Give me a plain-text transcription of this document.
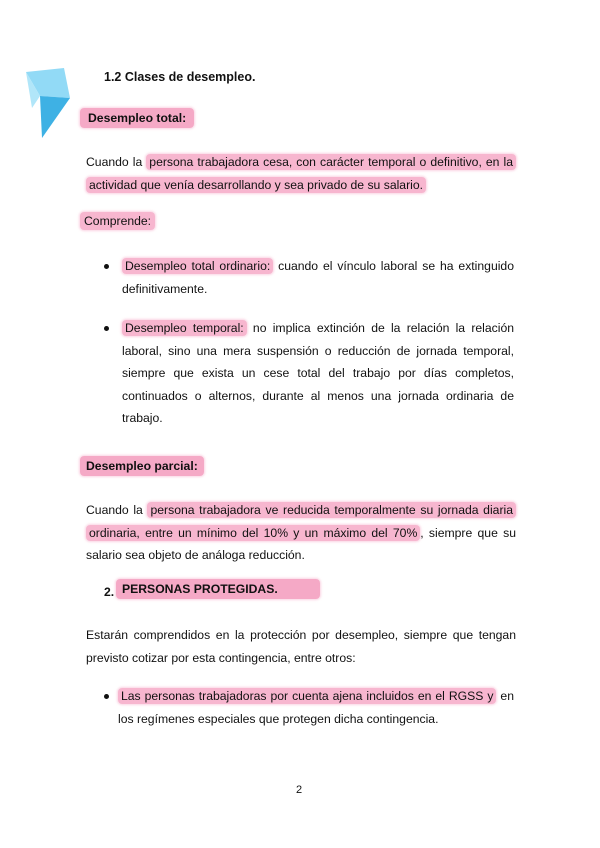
1.2 Clases de desempleo.
Desempleo total:
Cuando la persona trabajadora cesa, con carácter temporal o definitivo, en la actividad que venía desarrollando y sea privado de su salario.
Comprende:
Desempleo total ordinario: cuando el vínculo laboral se ha extinguido definitivamente.
Desempleo temporal: no implica extinción de la relación la relación laboral, sino una mera suspensión o reducción de jornada temporal, siempre que exista un cese total del trabajo por días completos, continuados o alternos, durante al menos una jornada ordinaria de trabajo.
Desempleo parcial:
Cuando la persona trabajadora ve reducida temporalmente su jornada diaria ordinaria, entre un mínimo del 10% y un máximo del 70% , siempre que su salario sea objeto de análoga reducción.
2. PERSONAS PROTEGIDAS.
Estarán comprendidos en la protección por desempleo, siempre que tengan previsto cotizar por esta contingencia, entre otros:
Las personas trabajadoras por cuenta ajena incluidos en el RGSS y en los regímenes especiales que protegen dicha contingencia.
2
